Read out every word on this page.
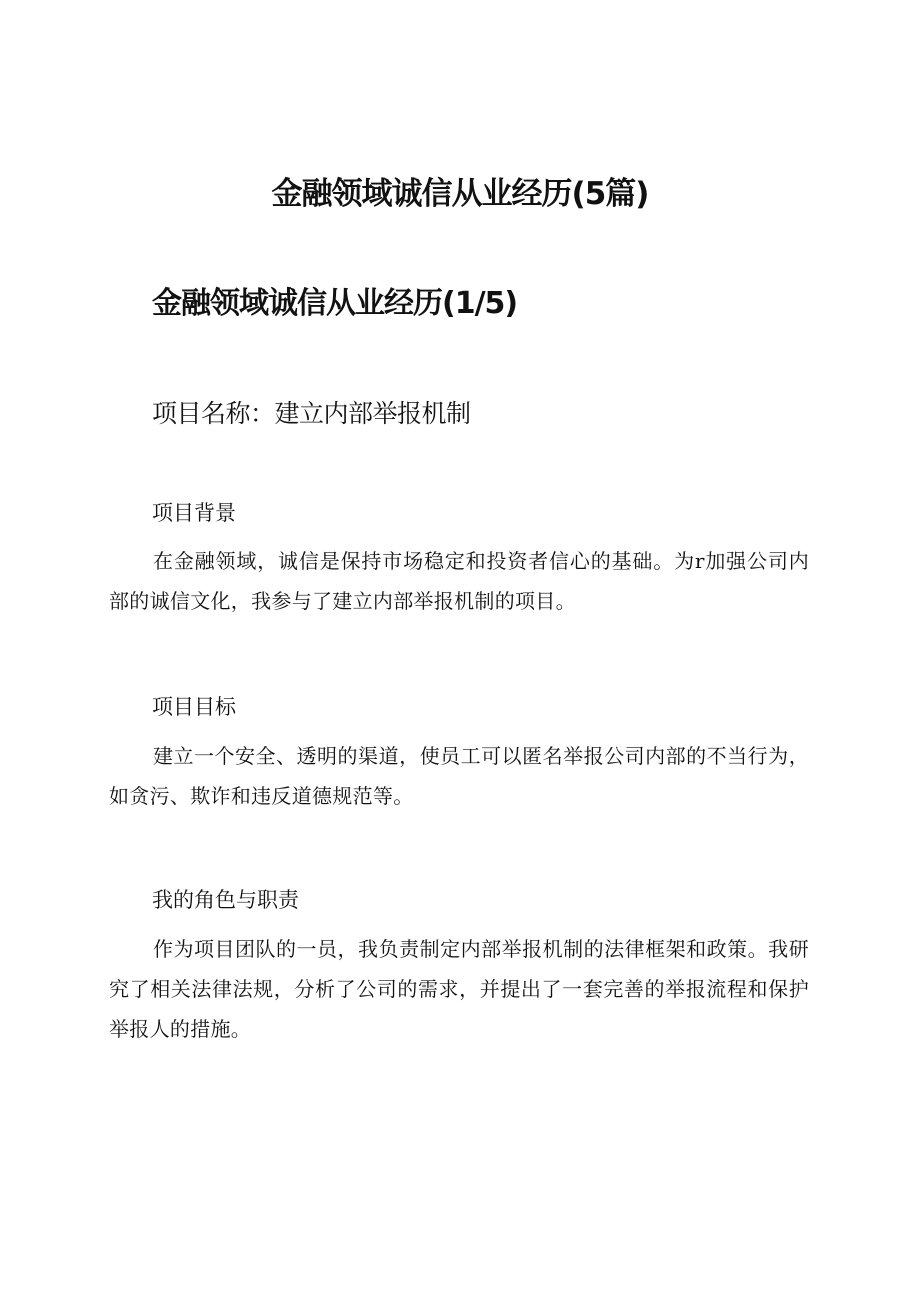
金融领域诚信从业经历(5篇)
金融领域诚信从业经历(1/5)

项目名称：建立内部举报机制

项目背景

在金融领域，诚信是保持市场稳定和投资者信心的基础。为r加强公司内部的诚信文化，我参与了建立内部举报机制的项目。

项目目标

建立一个安全、透明的渠道，使员工可以匿名举报公司内部的不当行为，如贪污、欺诈和违反道德规范等。

我的角色与职责

作为项目团队的一员，我负责制定内部举报机制的法律框架和政策。我研究了相关法律法规，分析了公司的需求，并提出了一套完善的举报流程和保护举报人的措施。
